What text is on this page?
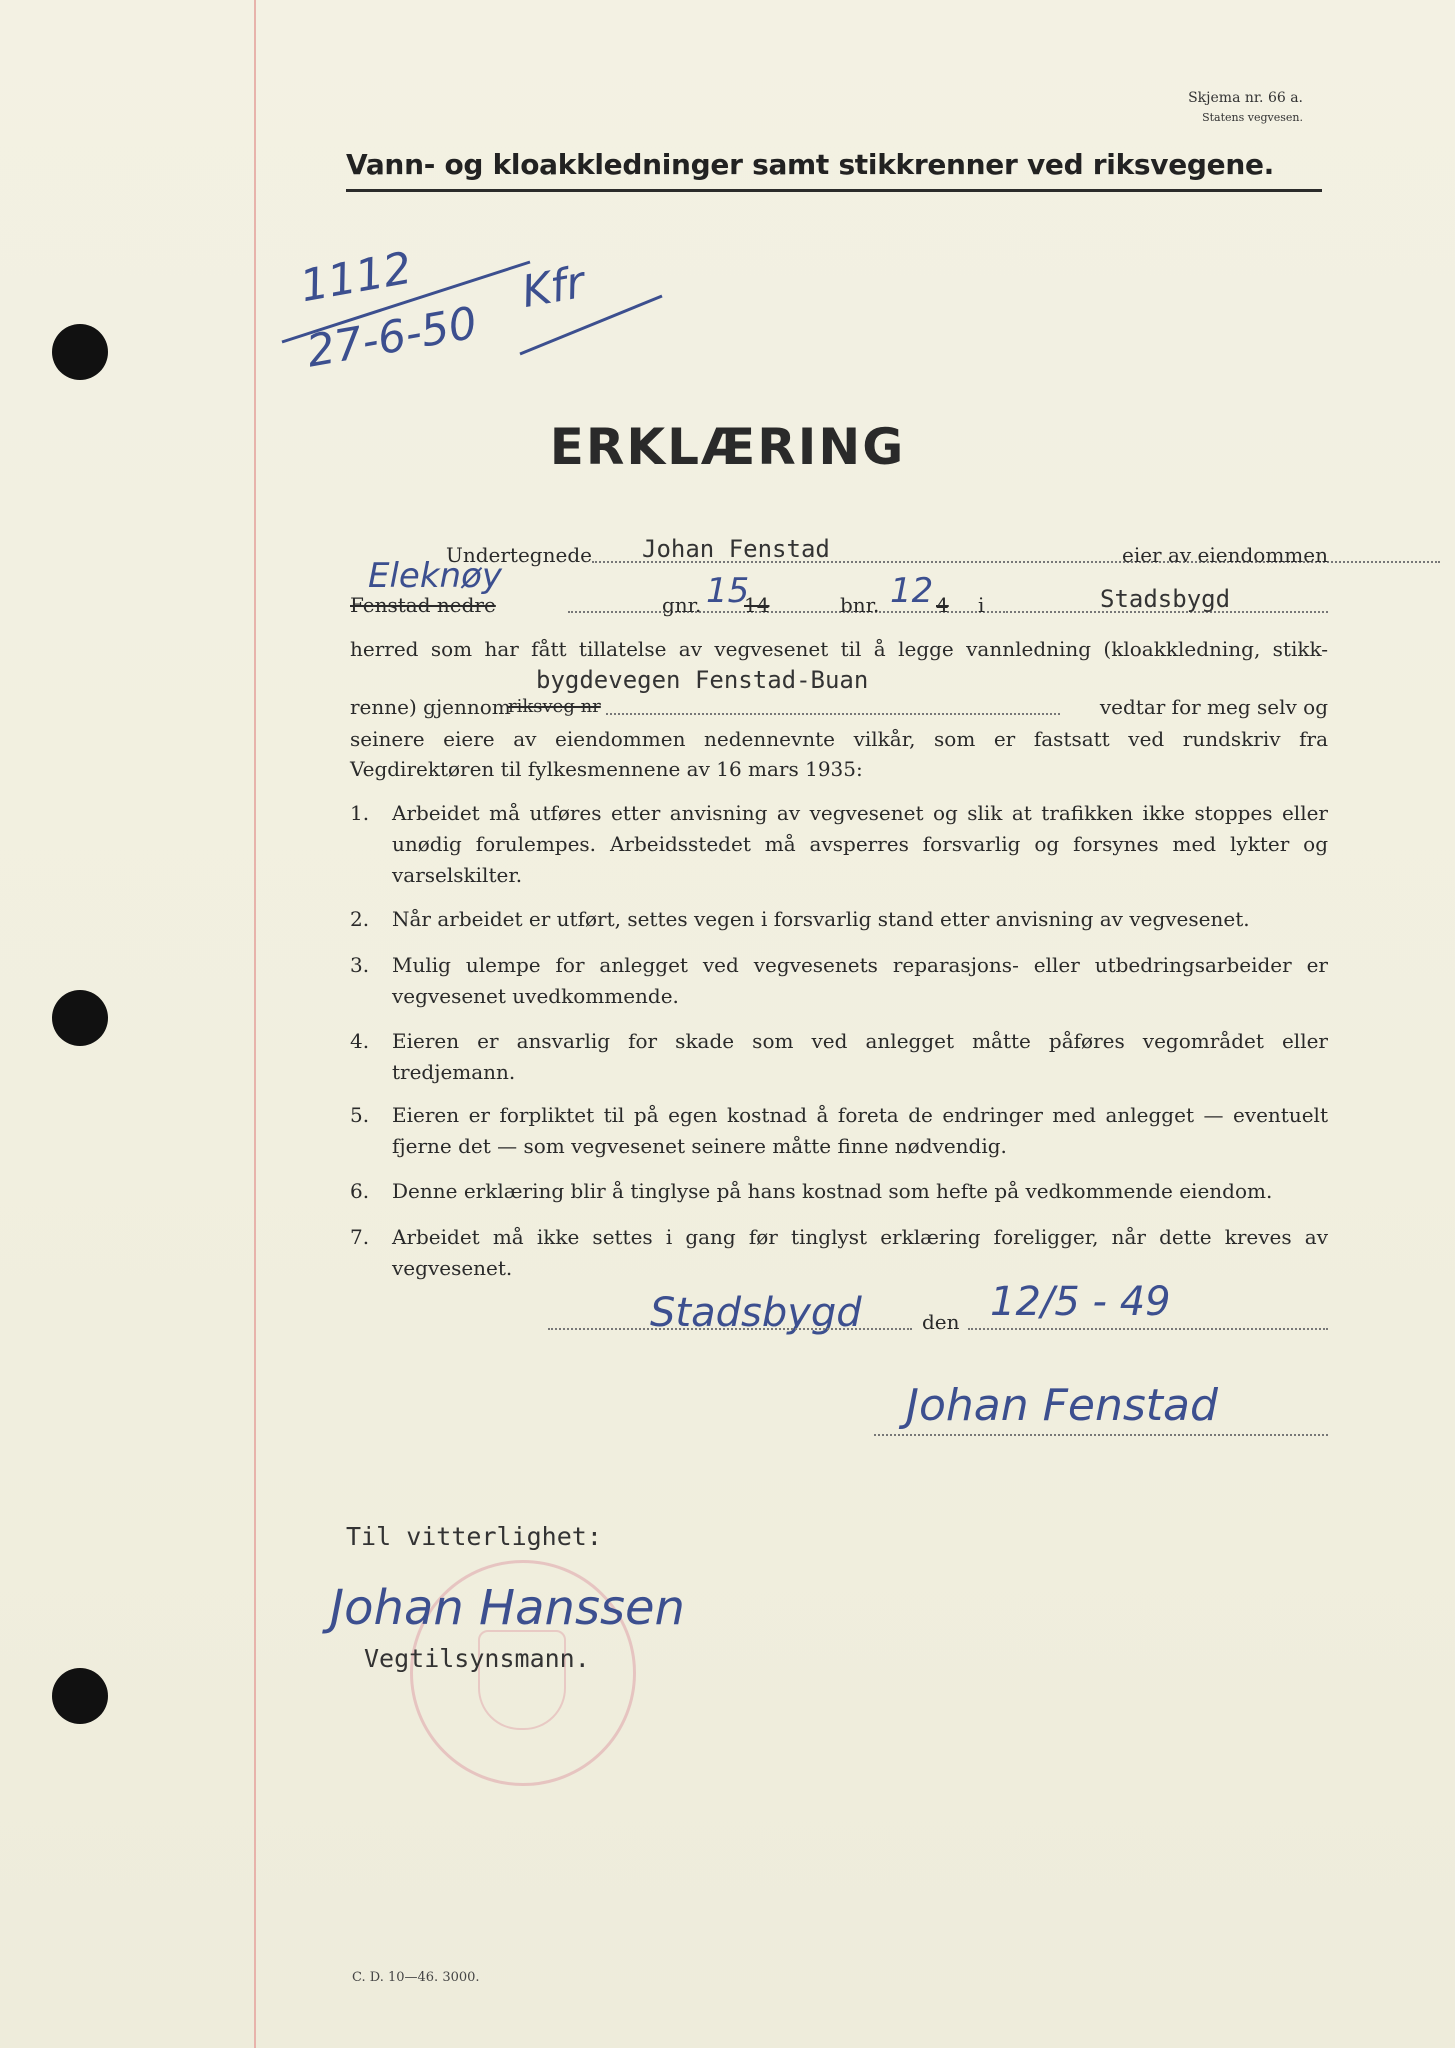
Skjema nr. 66 a.
Statens vegvesen.
Vann- og kloakkledninger samt stikkrenner ved riksvegene.
1112
27-6-50
Kfr
ERKLÆRING
Undertegnede Johan Fenstad	eier av eiendommen
Eleknøy
Fenstad nedre	gnr. 15
14	bnr. 12 4 i	Stadsbygd
herred som har fått tillatelse av vegvesenet til å legge vannledning (kloakkledning, stikk-
bygdevegen Fenstad-Buan
renne) gjennom
riksveg nr	vedtar for meg selv og
seinere eiere av eiendommen nedennevnte vilkår, som er fastsatt ved rundskriv fra Vegdirektøren til fylkesmennene av 16 mars 1935:
1.	Arbeidet må utføres etter anvisning av vegvesenet og slik at trafikken ikke stoppes eller unødig forulempes. Arbeidsstedet må avsperres forsvarlig og forsynes med lykter og varselskilter.
2.	Når arbeidet er utført, settes vegen i forsvarlig stand etter anvisning av vegvesenet.
3.	Mulig ulempe for anlegget ved vegvesenets reparasjons- eller utbedringsarbeider er vegvesenet uvedkommende.
4.	Eieren er ansvarlig for skade som ved anlegget måtte påføres vegområdet eller tredjemann.
5.	Eieren er forpliktet til på egen kostnad å foreta de endringer med anlegget — eventuelt fjerne det — som vegvesenet seinere måtte finne nødvendig.
6.	Denne erklæring blir å tinglyse på hans kostnad som hefte på vedkommende eiendom.
7.	Arbeidet må ikke settes i gang før tinglyst erklæring foreligger, når dette kreves av vegvesenet.
Stadsbygd	den 12/5 - 49
Johan Fenstad
Til vitterlighet:
Johan Hanssen
Vegtilsynsmann.
C. D. 10—46. 3000.
